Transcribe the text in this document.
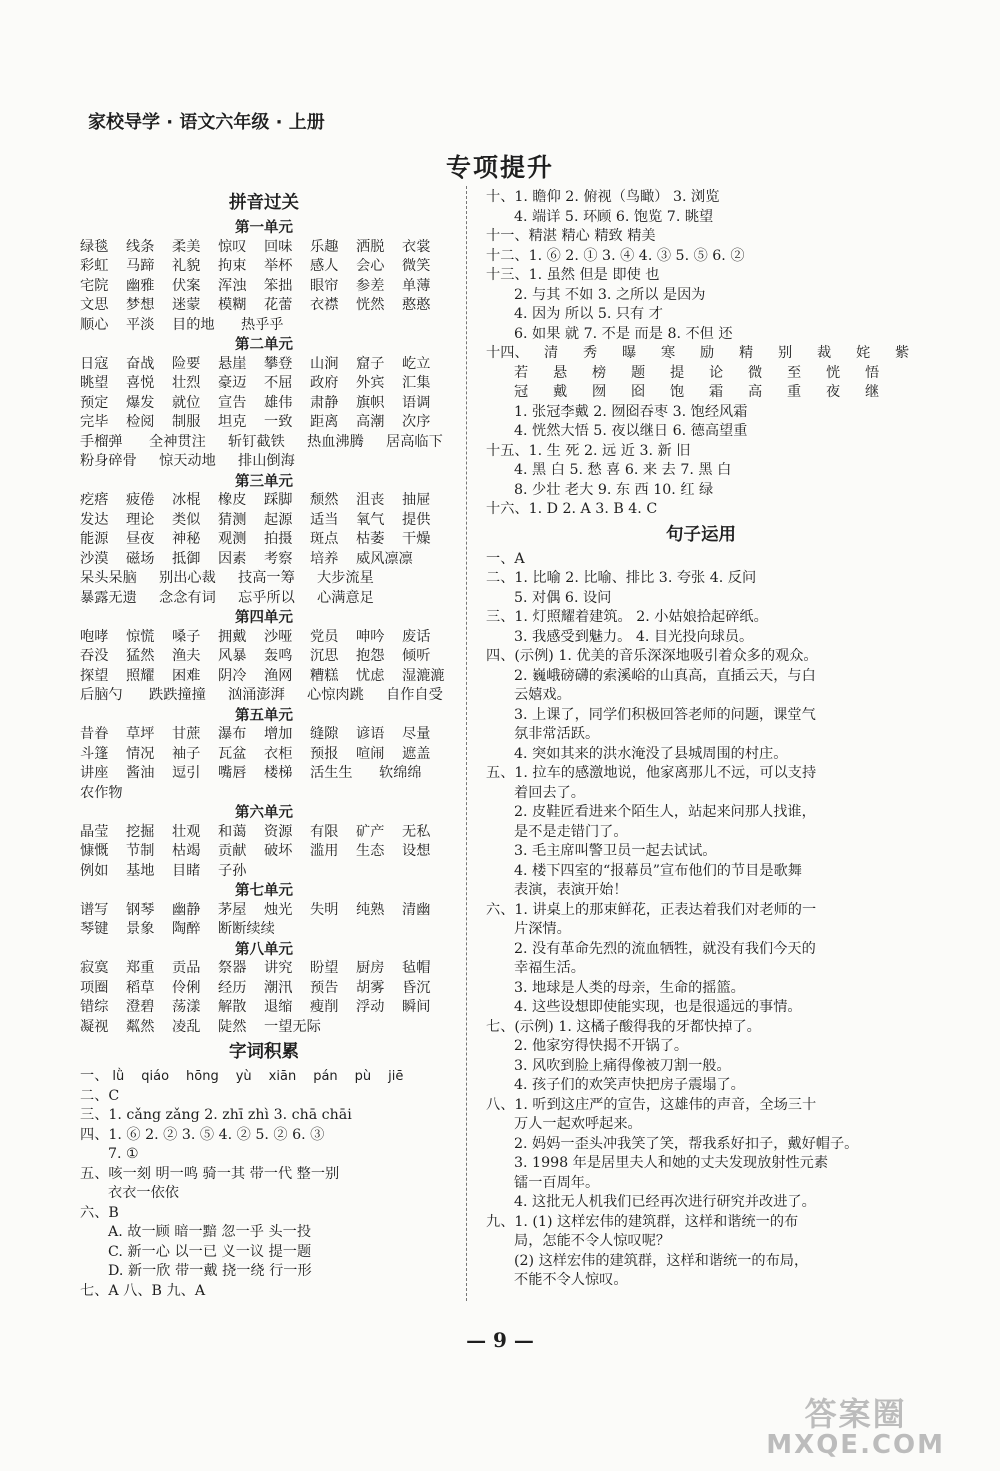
家校导学 · 语文六年级 · 上册
专项提升
拼音过关
第一单元
绿毯	线条	柔美	惊叹	回味	乐趣	洒脱	衣裳
彩虹	马蹄	礼貌	拘束	举杯	感人	会心	微笑
宅院	幽雅	伏案	浑浊	笨拙	眼帘	参差	单薄
文思	梦想	迷蒙	模糊	花蕾	衣襟	恍然	憨憨
顺心	平淡	目的地	热乎乎
第二单元
日寇	奋战	险要	悬崖	攀登	山涧	窟子	屹立
眺望	喜悦	壮烈	豪迈	不屈	政府	外宾	汇集
预定	爆发	就位	宣告	雄伟	肃静	旗帜	语调
完毕	检阅	制服	坦克	一致	距离	高潮	次序
手榴弹	全神贯注	斩钉截铁	热血沸腾	居高临下
粉身碎骨	惊天动地	排山倒海
第三单元
疙瘩	疲倦	冰棍	橡皮	踩脚	颓然	沮丧	抽屉
发达	理论	类似	猜测	起源	适当	氧气	提供
能源	昼夜	神秘	观测	拍摄	斑点	枯萎	干燥
沙漠	磁场	抵御	因素	考察	培养	威风凛凛
呆头呆脑	别出心裁	技高一筹	大步流星
暴露无遗	念念有词	忘乎所以	心满意足
第四单元
咆哮	惊慌	嗓子	拥戴	沙哑	党员	呻吟	废话
吞没	猛然	渔夫	风暴	轰鸣	沉思	抱怨	倾听
探望	照耀	困难	阴冷	渔网	糟糕	忧虑	湿漉漉
后脑勺	跌跌撞撞	汹涌澎湃	心惊肉跳	自作自受
第五单元
昔眷	草坪	甘蔗	瀑布	增加	缝隙	谚语	尽量
斗篷	情况	袖子	瓦盆	衣柜	预报	喧闹	遮盖
讲座	酱油	逗引	嘴唇	楼梯	活生生	软绵绵
农作物
第六单元
晶莹	挖掘	壮观	和蔼	资源	有限	矿产	无私
慷慨	节制	枯竭	贡献	破坏	滥用	生态	设想
例如	基地	目睹	子孙
第七单元
谱写	钢琴	幽静	茅屋	烛光	失明	纯熟	清幽
琴键	景象	陶醉	断断续续
第八单元
寂寞	郑重	贡品	祭器	讲究	盼望	厨房	毡帽
项圈	稻草	伶俐	经历	潮汛	预告	胡雾	昏沉
错综	澄碧	荡漾	解散	退缩	瘦削	浮动	瞬间
凝视	粼然	凌乱	陡然	一望无际
字词积累
一、 lǜ qiáo hōng yù xiān pán pù jiē
二、C
三、1. cǎng zǎng 2. zhī zhì 3. chā chāi
四、1. ⑥ 2. ② 3. ⑤ 4. ② 5. ② 6. ③
7. ①
五、咳一刻 明一鸣 骑一其 带一代 整一别
衣衣一依依
六、B
A. 故一顾 暗一黯 忽一乎 头一投
C. 新一心 以一已 义一议 提一题
D. 新一欣 带一戴 挠一绕 行一形
七、A 八、B 九、A
十、1. 瞻仰 2. 俯视（鸟瞰） 3. 浏览
4. 端详 5. 环顾 6. 饱览 7. 眺望
十一、精湛 精心 精致 精美
十二、1. ⑥ 2. ① 3. ④ 4. ③ 5. ⑤ 6. ②
十三、1. 虽然 但是 即使 也
2. 与其 不如 3. 之所以 是因为
4. 因为 所以 5. 只有 才
6. 如果 就 7. 不是 而是 8. 不但 还
十四、	清	秀	曝	寒	励	精	别	裁	姹	紫
若	悬	榜	题	提	论	微	至	恍	悟
冠	戴	囫	囵	饱	霜	高	重	夜	继
1. 张冠李戴 2. 囫囵吞枣 3. 饱经风霜
4. 恍然大悟 5. 夜以继日 6. 德高望重
十五、1. 生 死 2. 远 近 3. 新 旧
4. 黑 白 5. 愁 喜 6. 来 去 7. 黑 白
8. 少壮 老大 9. 东 西 10. 红 绿
十六、1. D 2. A 3. B 4. C
句子运用
一、A
二、1. 比喻 2. 比喻、排比 3. 夸张 4. 反问
5. 对偶 6. 设问
三、1. 灯照耀着建筑。 2. 小姑娘拾起碎纸。
3. 我感受到魅力。 4. 目光投向球员。
四、(示例) 1. 优美的音乐深深地吸引着众多的观众。
2. 巍峨磅礴的索溪峪的山真高，直插云天，与白
云嬉戏。
3. 上课了，同学们积极回答老师的问题，课堂气
氛非常活跃。
4. 突如其来的洪水淹没了县城周围的村庄。
五、1. 拉车的感激地说，他家离那儿不远，可以支持
着回去了。
2. 皮鞋匠看进来个陌生人，站起来问那人找谁，
是不是走错门了。
3. 毛主席叫警卫员一起去试试。
4. 楼下四室的“报幕员”宣布他们的节目是歌舞
表演，表演开始！
六、1. 讲桌上的那束鲜花，正表达着我们对老师的一
片深情。
2. 没有革命先烈的流血牺牲，就没有我们今天的
幸福生活。
3. 地球是人类的母亲，生命的摇篮。
4. 这些设想即使能实现，也是很遥远的事情。
七、(示例) 1. 这橘子酸得我的牙都快掉了。
2. 他家穷得快揭不开锅了。
3. 风吹到脸上痛得像被刀割一般。
4. 孩子们的欢笑声快把房子震塌了。
八、1. 听到这庄严的宣告，这雄伟的声音，全场三十
万人一起欢呼起来。
2. 妈妈一歪头冲我笑了笑，帮我系好扣子，戴好帽子。
3. 1998 年是居里夫人和她的丈夫发现放射性元素
镭一百周年。
4. 这批无人机我们已经再次进行研究并改进了。
九、1. (1) 这样宏伟的建筑群，这样和谐统一的布
局，怎能不令人惊叹呢？
(2) 这样宏伟的建筑群，这样和谐统一的布局，
不能不令人惊叹。
— 9 —
答案圈
MXQE.COM
